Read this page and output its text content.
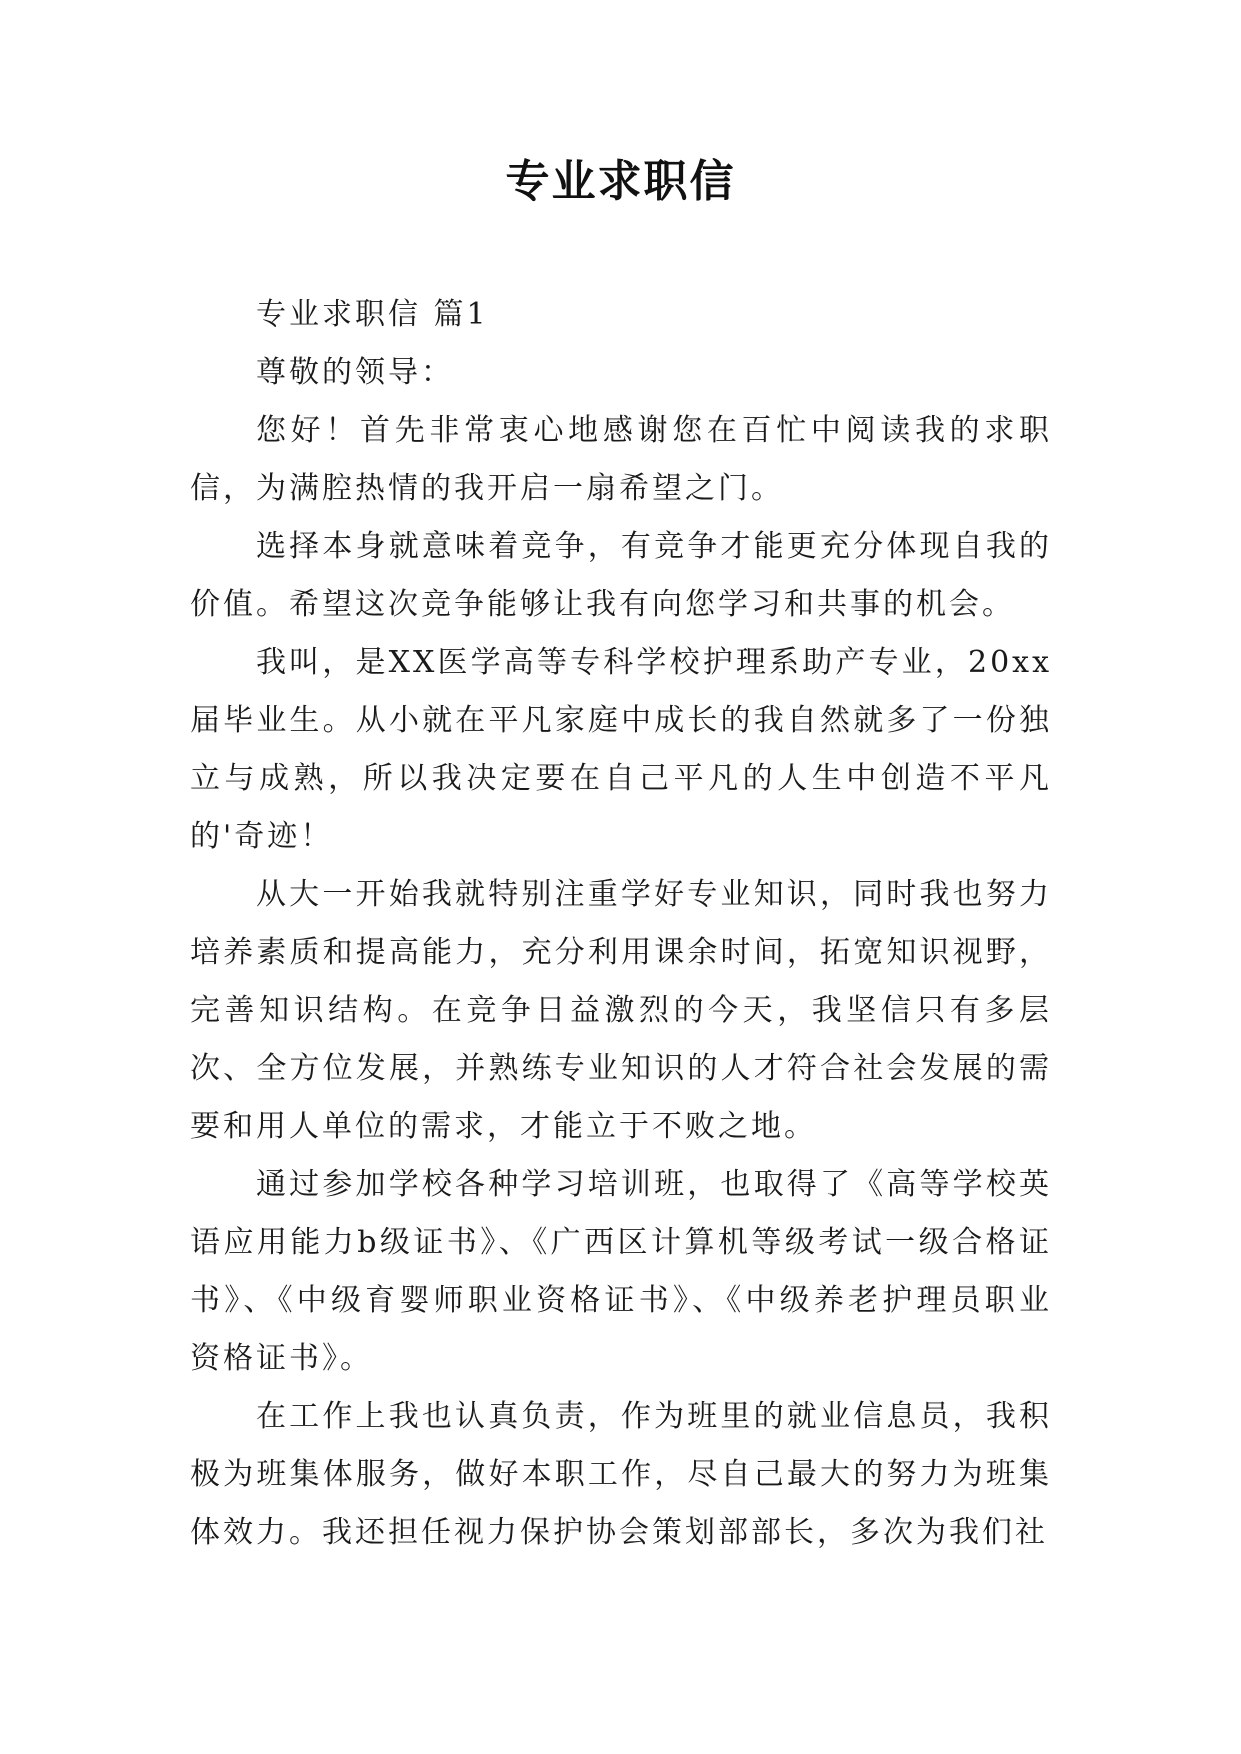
专业求职信

专业求职信 篇1

尊敬的领导：

您好！首先非常衷心地感谢您在百忙中阅读我的求职信，为满腔热情的我开启一扇希望之门。

选择本身就意味着竞争，有竞争才能更充分体现自我的价值。希望这次竞争能够让我有向您学习和共事的机会。

我叫，是XX医学高等专科学校护理系助产专业，20xx届毕业生。从小就在平凡家庭中成长的我自然就多了一份独立与成熟，所以我决定要在自己平凡的人生中创造不平凡的'奇迹！

从大一开始我就特别注重学好专业知识，同时我也努力培养素质和提高能力，充分利用课余时间，拓宽知识视野，完善知识结构。在竞争日益激烈的今天，我坚信只有多层次、全方位发展，并熟练专业知识的人才符合社会发展的需要和用人单位的需求，才能立于不败之地。

通过参加学校各种学习培训班，也取得了《高等学校英语应用能力b级证书》、《广西区计算机等级考试一级合格证书》、《中级育婴师职业资格证书》、《中级养老护理员职业资格证书》。

在工作上我也认真负责，作为班里的就业信息员，我积极为班集体服务，做好本职工作，尽自己最大的努力为班集体效力。我还担任视力保护协会策划部部长，多次为我们社
